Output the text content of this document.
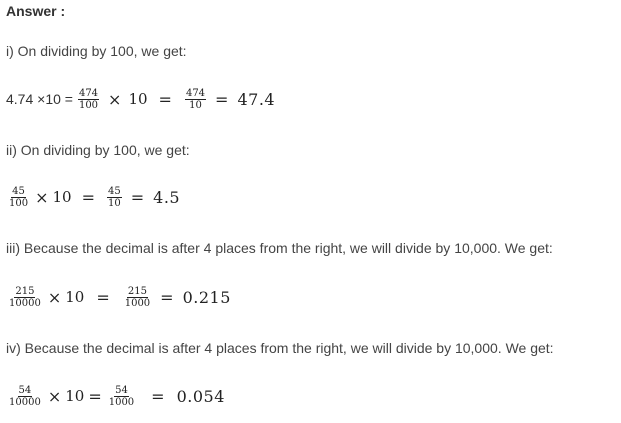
Answer :
i) On dividing by 100, we get:
$4.74 \times 10 = \frac{474}{100} \times 10 = \frac{474}{10} = 47.4$
ii) On dividing by 100, we get:
$\frac{45}{100} \times 10 = \frac{45}{10} = 4.5$
iii) Because the decimal is after 4 places from the right, we will divide by 10,000. We get:
$\frac{215}{10000} \times 10 = \frac{215}{1000} = 0.215$
iv) Because the decimal is after 4 places from the right, we will divide by 10,000. We get:
$\frac{54}{10000} \times 10 = \frac{54}{1000} = 0.054$
